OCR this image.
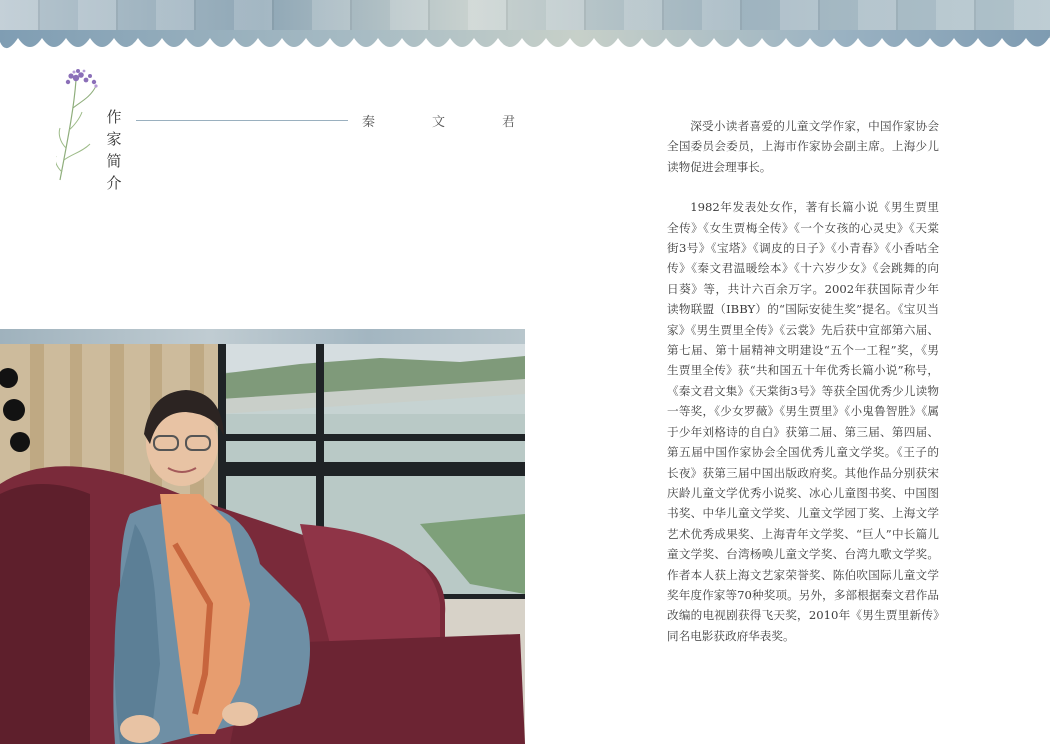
作
家
简
介
秦　文　君	深受小读者喜爱的儿童文学作家，中国作家协会全国委员会委员，上海市作家协会副主席。上海少儿读物促进会理事长。

1982年发表处女作，著有长篇小说《男生贾里全传》《女生贾梅全传》《一个女孩的心灵史》《天棠街3号》《宝塔》《调皮的日子》《小青春》《小香咕全传》《秦文君温暖绘本》《十六岁少女》《会跳舞的向日葵》等，共计六百余万字。2002年获国际青少年读物联盟（IBBY）的“国际安徒生奖”提名。《宝贝当家》《男生贾里全传》《云裳》先后获中宣部第六届、第七届、第十届精神文明建设“五个一工程”奖，《男生贾里全传》获“共和国五十年优秀长篇小说”称号，《秦文君文集》《天棠街3号》等获全国优秀少儿读物一等奖，《少女罗薇》《男生贾里》《小鬼鲁智胜》《属于少年刘格诗的自白》获第二届、第三届、第四届、第五届中国作家协会全国优秀儿童文学奖。《王子的长夜》获第三届中国出版政府奖。其他作品分别获宋庆龄儿童文学优秀小说奖、冰心儿童图书奖、中国图书奖、中华儿童文学奖、儿童文学园丁奖、上海文学艺术优秀成果奖、上海青年文学奖、“巨人”中长篇儿童文学奖、台湾杨唤儿童文学奖、台湾九歌文学奖。作者本人获上海文艺家荣誉奖、陈伯吹国际儿童文学奖年度作家等70种奖项。另外，多部根据秦文君作品改编的电视剧获得飞天奖，2010年《男生贾里新传》同名电影获政府华表奖。
